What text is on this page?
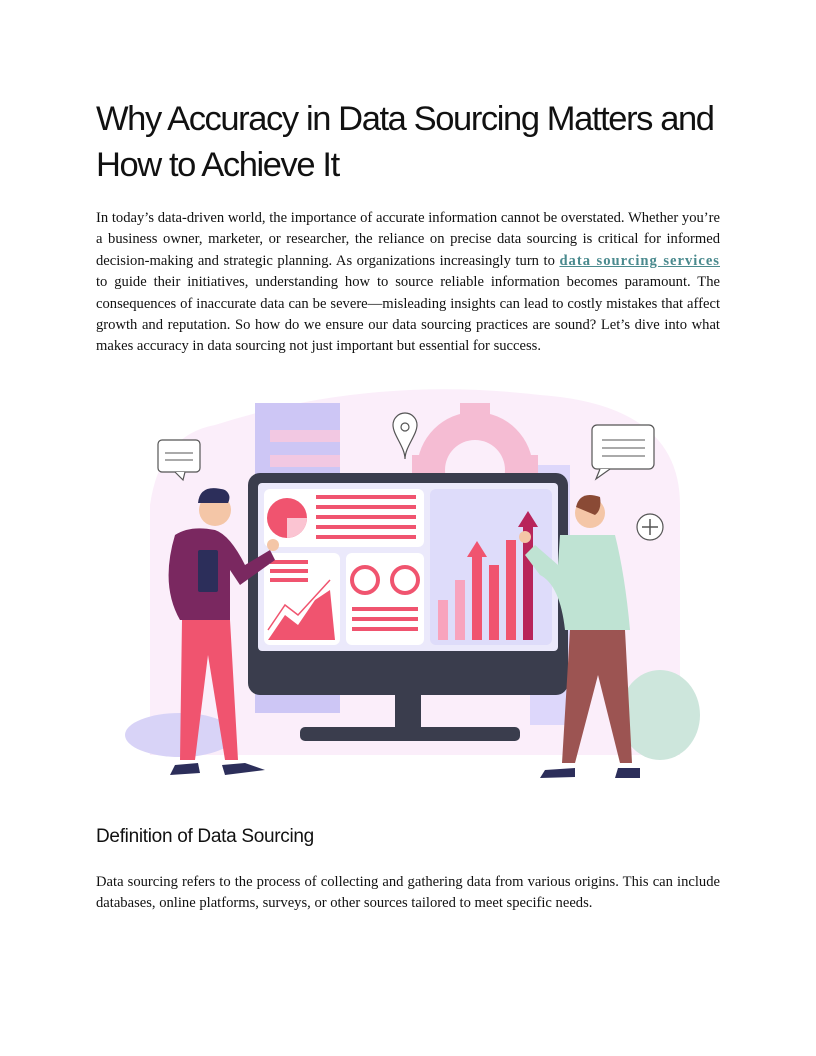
Why Accuracy in Data Sourcing Matters and How to Achieve It

In today’s data-driven world, the importance of accurate information cannot be overstated. Whether you’re a business owner, marketer, or researcher, the reliance on precise data sourcing is critical for informed decision-making and strategic planning. As organizations increasingly turn to data sourcing services to guide their initiatives, understanding how to source reliable information becomes paramount. The consequences of inaccurate data can be severe—misleading insights can lead to costly mistakes that affect growth and reputation. So how do we ensure our data sourcing practices are sound? Let’s dive into what makes accuracy in data sourcing not just important but essential for success.

Definition of Data Sourcing

Data sourcing refers to the process of collecting and gathering data from various origins. This can include databases, online platforms, surveys, or other sources tailored to meet specific needs.
